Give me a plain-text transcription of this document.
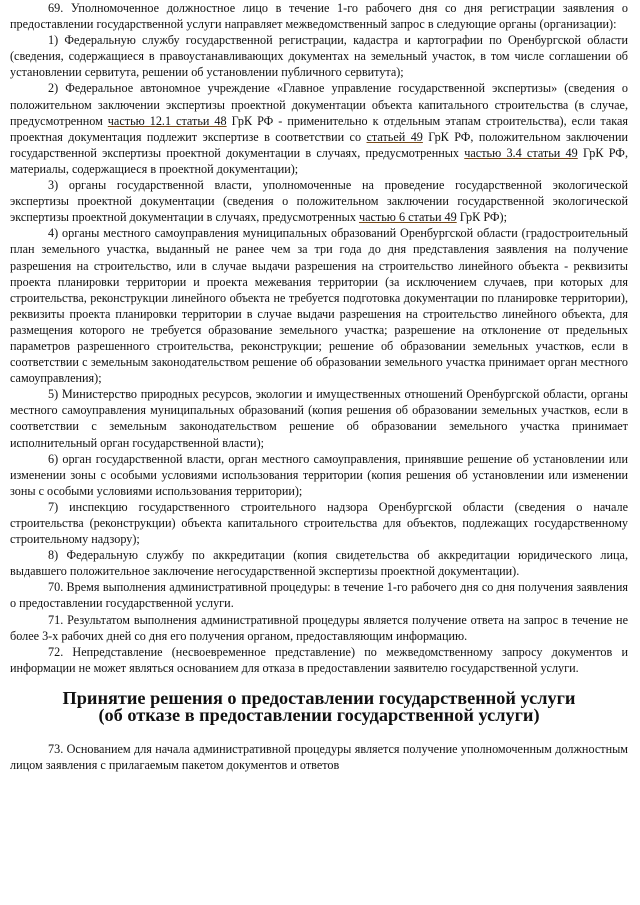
69. Уполномоченное должностное лицо в течение 1-го рабочего дня со дня регистрации заявления о предоставлении государственной услуги направляет межведомственный запрос в следующие органы (организации):

1) Федеральную службу государственной регистрации, кадастра и картографии по Оренбургской области (сведения, содержащиеся в правоустанавливающих документах на земельный участок, в том числе соглашении об установлении сервитута, решении об установлении публичного сервитута);

2) Федеральное автономное учреждение «Главное управление государственной экспертизы» (сведения о положительном заключении экспертизы проектной документации объекта капитального строительства (в случае, предусмотренном частью 12.1 статьи 48 ГрК РФ - применительно к отдельным этапам строительства), если такая проектная документация подлежит экспертизе в соответствии со статьей 49 ГрК РФ, положительном заключении государственной экспертизы проектной документации в случаях, предусмотренных частью 3.4 статьи 49 ГрК РФ, материалы, содержащиеся в проектной документации);

3) органы государственной власти, уполномоченные на проведение государственной экологической экспертизы проектной документации (сведения о положительном заключении государственной экологической экспертизы проектной документации в случаях, предусмотренных частью 6 статьи 49 ГрК РФ);

4) органы местного самоуправления муниципальных образований Оренбургской области (градостроительный план земельного участка, выданный не ранее чем за три года до дня представления заявления на получение разрешения на строительство, или в случае выдачи разрешения на строительство линейного объекта - реквизиты проекта планировки территории и проекта межевания территории (за исключением случаев, при которых для строительства, реконструкции линейного объекта не требуется подготовка документации по планировке территории), реквизиты проекта планировки территории в случае выдачи разрешения на строительство линейного объекта, для размещения которого не требуется образование земельного участка; разрешение на отклонение от предельных параметров разрешенного строительства, реконструкции; решение об образовании земельных участков, если в соответствии с земельным законодательством решение об образовании земельного участка принимает орган местного самоуправления);

5) Министерство природных ресурсов, экологии и имущественных отношений Оренбургской области, органы местного самоуправления муниципальных образований (копия решения об образовании земельных участков, если в соответствии с земельным законодательством решение об образовании земельного участка принимает исполнительный орган государственной власти);

6) орган государственной власти, орган местного самоуправления, принявшие решение об установлении или изменении зоны с особыми условиями использования территории (копия решения об установлении или изменении зоны с особыми условиями использования территории);

7) инспекцию государственного строительного надзора Оренбургской области (сведения о начале строительства (реконструкции) объекта капитального строительства для объектов, подлежащих государственному строительному надзору);

8) Федеральную службу по аккредитации (копия свидетельства об аккредитации юридического лица, выдавшего положительное заключение негосударственной экспертизы проектной документации).

70. Время выполнения административной процедуры: в течение 1-го рабочего дня со дня получения заявления о предоставлении государственной услуги.

71. Результатом выполнения административной процедуры является получение ответа на запрос в течение не более 3-х рабочих дней со дня его получения органом, предоставляющим информацию.

72. Непредставление (несвоевременное представление) по межведомственному запросу документов и информации не может являться основанием для отказа в предоставлении заявителю государственной услуги.

Принятие решения о предоставлении государственной услуги
(об отказе в предоставлении государственной услуги)

73. Основанием для начала административной процедуры является получение уполномоченным должностным лицом заявления с прилагаемым пакетом документов и ответов
